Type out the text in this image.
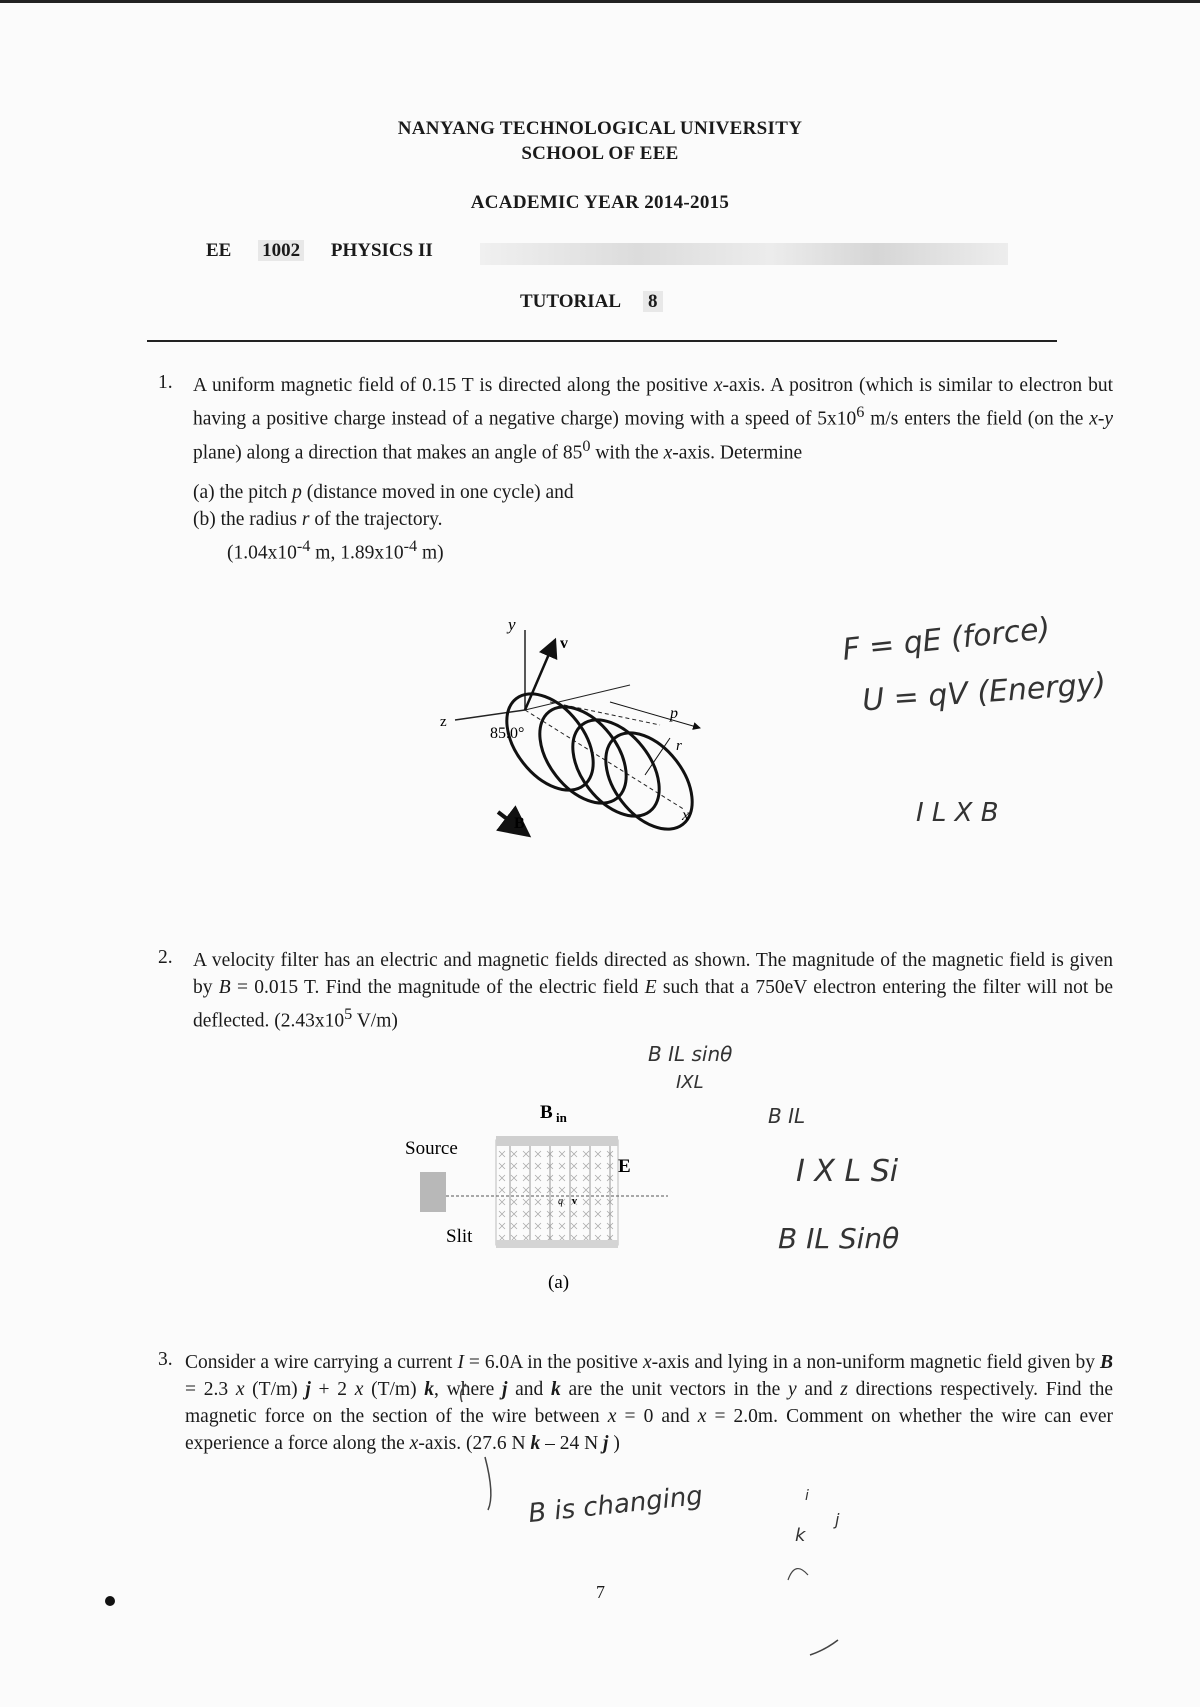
NANYANG TECHNOLOGICAL UNIVERSITY
SCHOOL OF EEE
ACADEMIC YEAR 2014-2015
EE 1002 PHYSICS II
TUTORIAL 8
1. A uniform magnetic field of 0.15 T is directed along the positive x-axis. A positron (which is similar to electron but having a positive charge instead of a negative charge) moving with a speed of $5x10^6$ m/s enters the field (on the x-y plane) along a direction that makes an angle of $85^0$ with the x-axis. Determine
(a) the pitch p (distance moved in one cycle) and
(b) the radius r of the trajectory.
($1.04x10^{-4}$ m, $1.89x10^{-4}$ m)
y
v
z
85.0°
p
r
x
B
F = qE (force)
U = qV (Energy)
I L X B
2. A velocity filter has an electric and magnetic fields directed as shown. The magnitude of the magnetic field is given by B = 0.015 T. Find the magnitude of the electric field E such that a 750eV electron entering the filter will not be deflected. ($2.43x10^5$ V/m)
B IL sinθ
IXL
B IL
I X L Si
B IL Sinθ
B in
Source
E
q v
Slit
(a)
3. Consider a wire carrying a current I = 6.0A in the positive x-axis and lying in a non-uniform magnetic field given by B = 2.3 x (T/m) j + 2 x (T/m) k, where j and k are the unit vectors in the y and z directions respectively. Find the magnetic force on the section of the wire between x = 0 and x = 2.0m. Comment on whether the wire can ever experience a force along the x-axis. (27.6 N k – 24 N j )
B is changing
k
j
i
7
